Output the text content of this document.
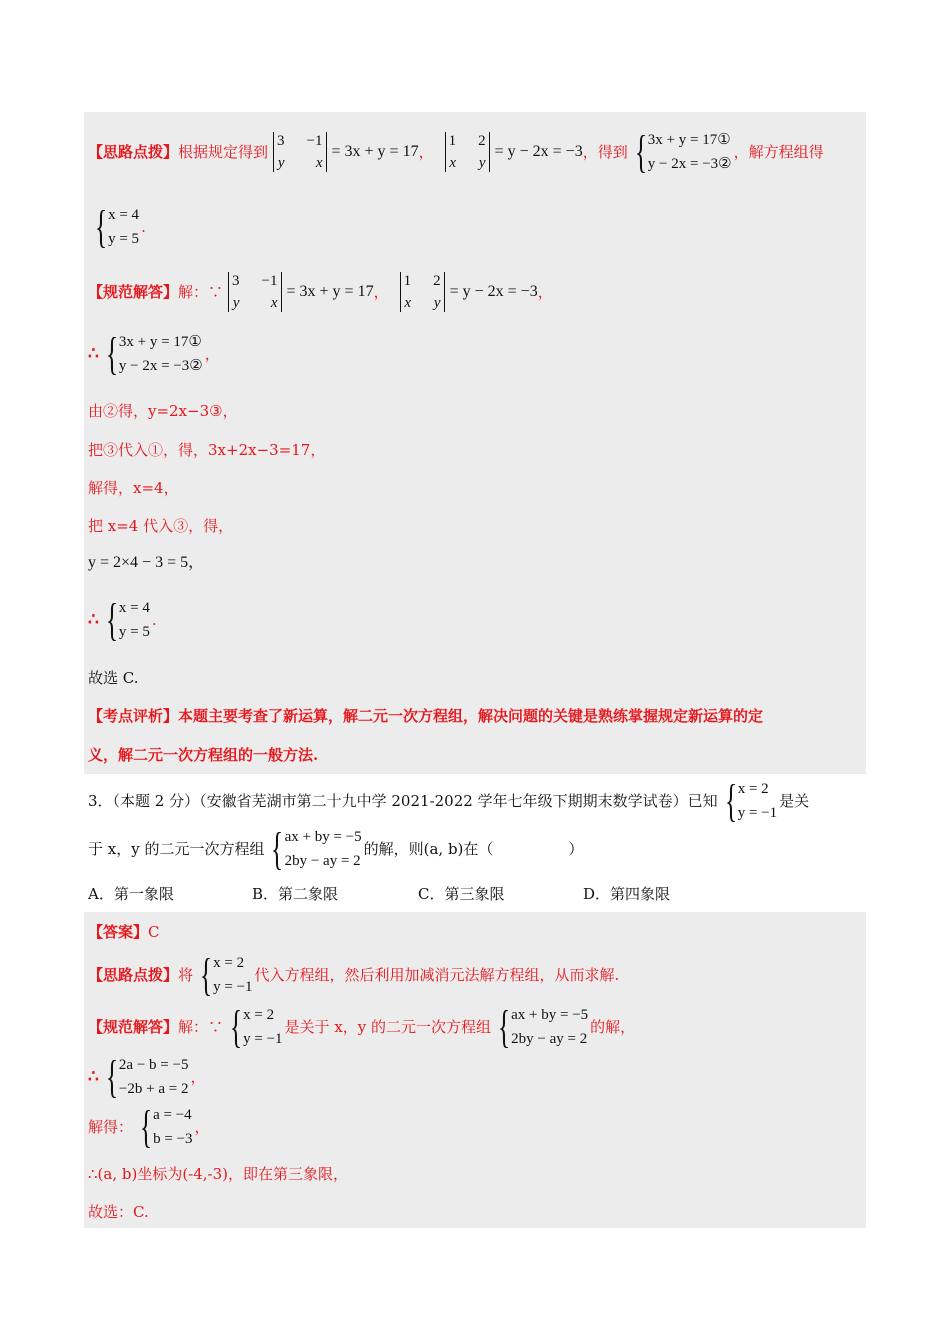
【思路点拨】 根据规定得到
3 −1
y	x
= 3x + y = 17 ，
1 2
x y
= y − 2x = −3 ，得到 { 3x + y = 17①
y − 2x = −3②
，解方程组得
{ x = 4
y = 5
.
【规范解答】 解：∵
3 −1
y	x
= 3x + y = 17 ，
1 2
x y
= y − 2x = −3 ，
∴ { 3x + y = 17①
y − 2x = −3②
，
由②得，y=2x−3③，
把③代入①，得，3x+2x−3=17，
解得，x=4，
把 x=4 代入③，得，
y = 2×4 − 3 = 5，
∴ { x = 4
y = 5
.
故选 C.
【考点评析】 本题主要考查了新运算，解二元一次方程组，解决问题的关键是熟练掌握规定新运算的定
义，解二元一次方程组的一般方法.
3．（本题 2 分）（安徽省芜湖市第二十九中学 2021-2022 学年七年级下期期末数学试卷）已知 { x = 2
y = −1
是关
于 x，y 的二元一次方程组 { ax + by = −5
2by − ay = 2
的解，则(a, b)在（　　　　　）
A．第一象限	B．第二象限	C．第三象限	D．第四象限
【答案】 C
【思路点拨】 将 { x = 2
y = −1
代入方程组，然后利用加减消元法解方程组，从而求解.
【规范解答】 解：∵ { x = 2
y = −1
是关于 x，y 的二元一次方程组 { ax + by = −5
2by − ay = 2
的解，
∴ { 2a − b = −5
−2b + a = 2
，
解得： { a = −4
b = −3
，
∴(a, b)坐标为(-4,-3)，即在第三象限，
故选：C.
